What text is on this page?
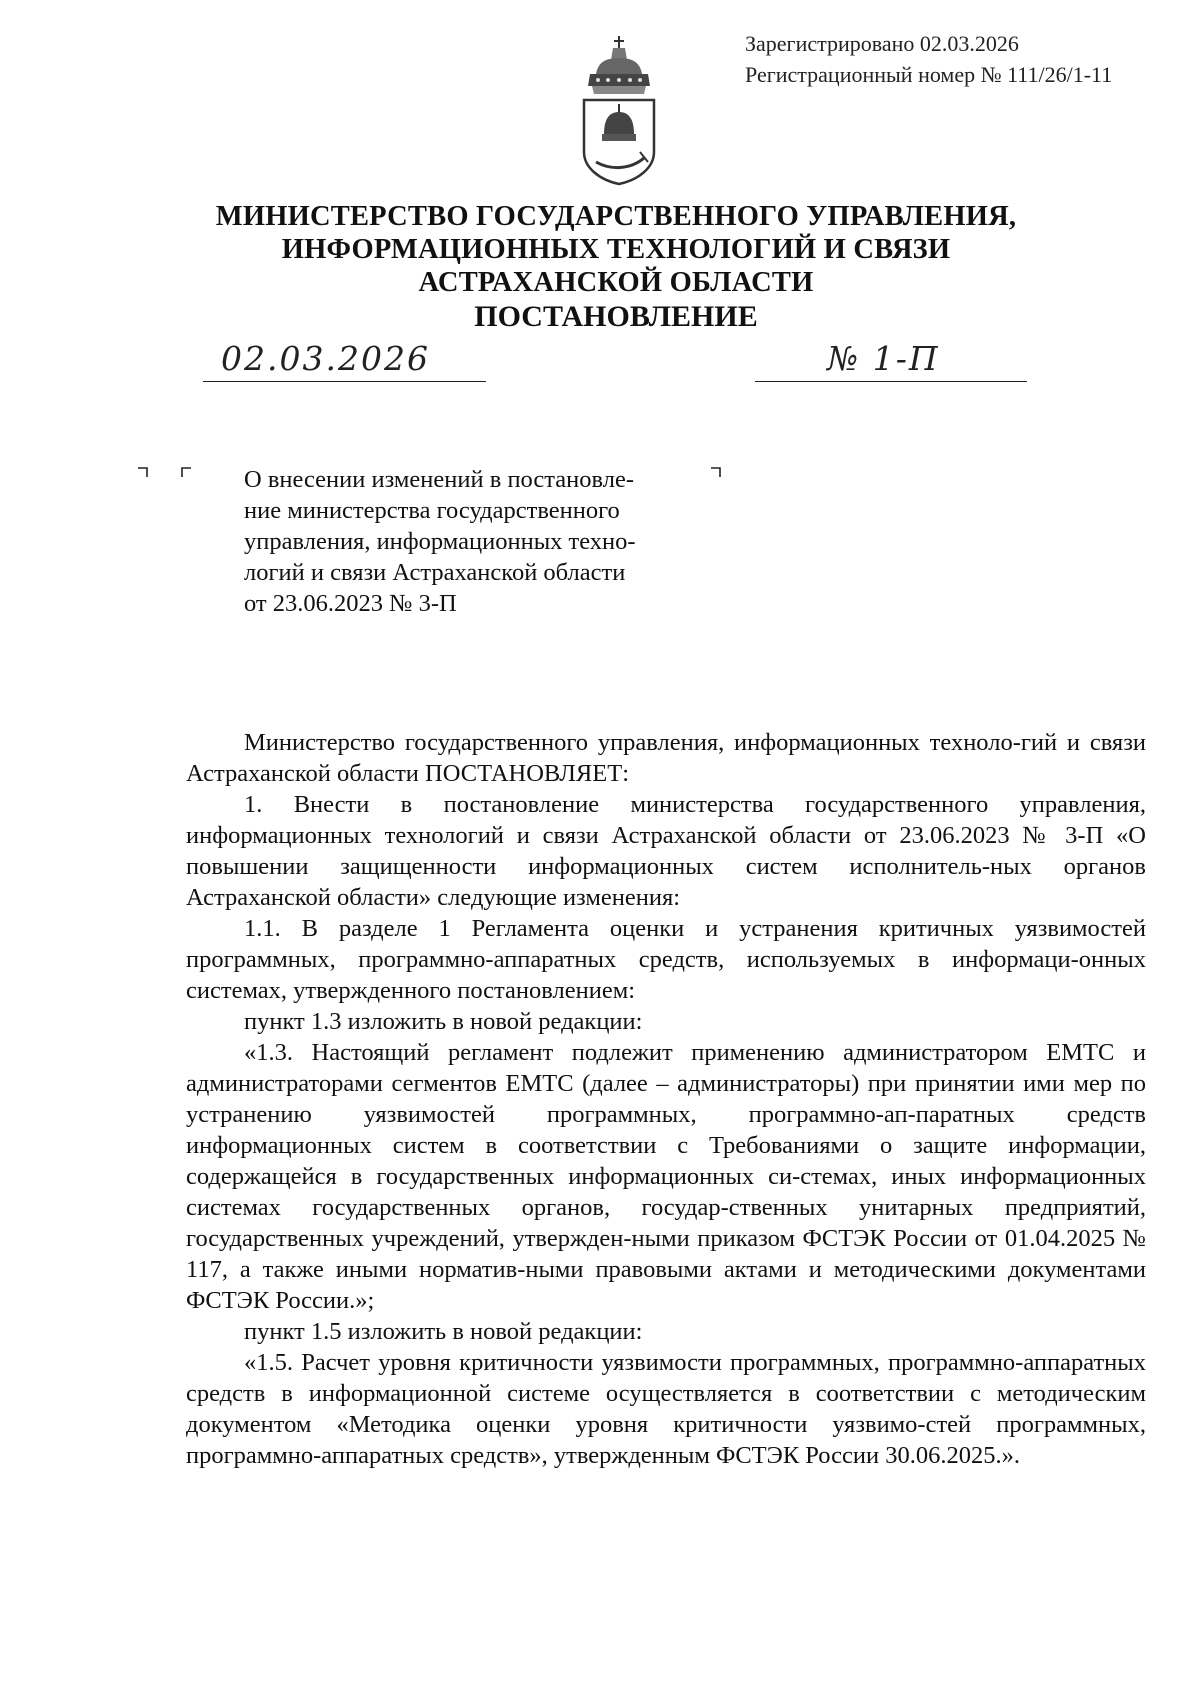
Зарегистрировано 02.03.2026
Регистрационный номер № 111/26/1-11
МИНИСТЕРСТВО ГОСУДАРСТВЕННОГО УПРАВЛЕНИЯ,
ИНФОРМАЦИОННЫХ ТЕХНОЛОГИЙ И СВЯЗИ
АСТРАХАНСКОЙ ОБЛАСТИ
ПОСТАНОВЛЕНИЕ
02.03.2026	№ 1-П
О внесении изменений в постановле-
ние министерства государственного
управления, информационных техно-
логий и связи Астраханской области
от 23.06.2023 № 3-П

Министерство государственного управления, информационных техноло-гий и связи Астраханской области ПОСТАНОВЛЯЕТ:

1. Внести в постановление министерства государственного управления, информационных технологий и связи Астраханской области от 23.06.2023 № 3-П «О повышении защищенности информационных систем исполнитель-ных органов Астраханской области» следующие изменения:

1.1. В разделе 1 Регламента оценки и устранения критичных уязвимостей программных, программно-аппаратных средств, используемых в информаци-онных системах, утвержденного постановлением:

пункт 1.3 изложить в новой редакции:

«1.3. Настоящий регламент подлежит применению администратором ЕМТС и администраторами сегментов ЕМТС (далее – администраторы) при принятии ими мер по устранению уязвимостей программных, программно-ап-паратных средств информационных систем в соответствии с Требованиями о защите информации, содержащейся в государственных информационных си-стемах, иных информационных системах государственных органов, государ-ственных унитарных предприятий, государственных учреждений, утвержден-ными приказом ФСТЭК России от 01.04.2025 № 117, а также иными норматив-ными правовыми актами и методическими документами ФСТЭК России.»;

пункт 1.5 изложить в новой редакции:

«1.5. Расчет уровня критичности уязвимости программных, программно-аппаратных средств в информационной системе осуществляется в соответствии с методическим документом «Методика оценки уровня критичности уязвимо-стей программных, программно-аппаратных средств», утвержденным ФСТЭК России 30.06.2025.».
